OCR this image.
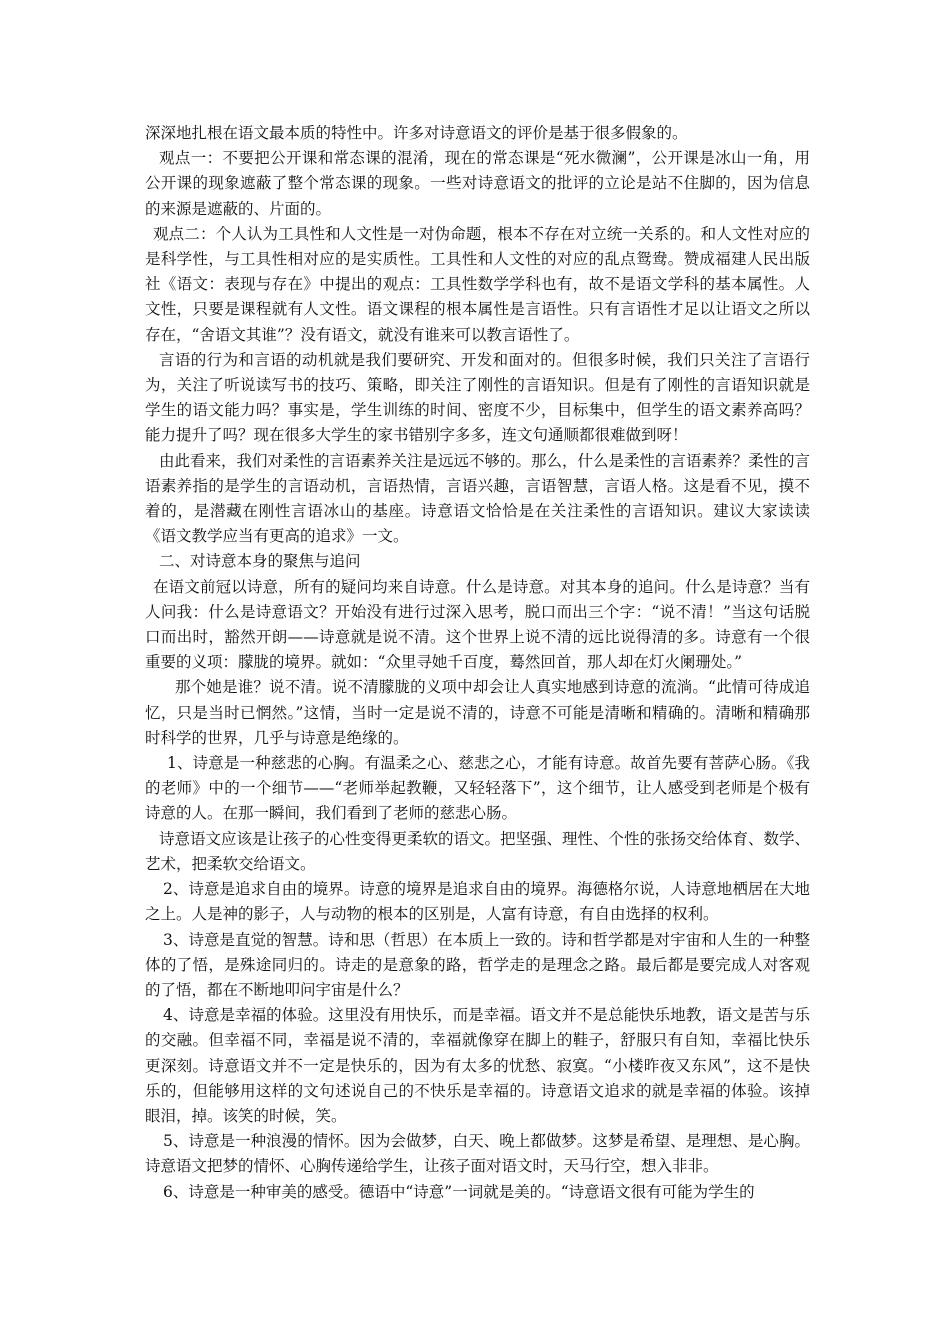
深深地扎根在语文最本质的特性中。许多对诗意语文的评价是基于很多假象的。

观点一：不要把公开课和常态课的混淆，现在的常态课是“死水微澜”，公开课是冰山一角，用公开课的现象遮蔽了整个常态课的现象。一些对诗意语文的批评的立论是站不住脚的，因为信息的来源是遮蔽的、片面的。

观点二：个人认为工具性和人文性是一对伪命题，根本不存在对立统一关系的。和人文性对应的是科学性，与工具性相对应的是实质性。工具性和人文性的对应的乱点鸳鸯。赞成福建人民出版社《语文：表现与存在》中提出的观点：工具性数学学科也有，故不是语文学科的基本属性。人文性，只要是课程就有人文性。语文课程的根本属性是言语性。只有言语性才足以让语文之所以存在，“舍语文其谁”？没有语文，就没有谁来可以教言语性了。

言语的行为和言语的动机就是我们要研究、开发和面对的。但很多时候，我们只关注了言语行为，关注了听说读写书的技巧、策略，即关注了刚性的言语知识。但是有了刚性的言语知识就是学生的语文能力吗？事实是，学生训练的时间、密度不少，目标集中，但学生的语文素养高吗？能力提升了吗？现在很多大学生的家书错别字多多，连文句通顺都很难做到呀！

由此看来，我们对柔性的言语素养关注是远远不够的。那么，什么是柔性的言语素养？柔性的言语素养指的是学生的言语动机，言语热情，言语兴趣，言语智慧，言语人格。这是看不见，摸不着的，是潜藏在刚性言语冰山的基座。诗意语文恰恰是在关注柔性的言语知识。建议大家读读《语文教学应当有更高的追求》一文。

二、对诗意本身的聚焦与追问

在语文前冠以诗意，所有的疑问均来自诗意。什么是诗意。对其本身的追问。什么是诗意？当有人问我：什么是诗意语文？开始没有进行过深入思考，脱口而出三个字：“说不清！”当这句话脱口而出时，豁然开朗——诗意就是说不清。这个世界上说不清的远比说得清的多。诗意有一个很重要的义项：朦胧的境界。就如：“众里寻她千百度，蓦然回首，那人却在灯火阑珊处。”

那个她是谁？说不清。说不清朦胧的义项中却会让人真实地感到诗意的流淌。“此情可待成追忆，只是当时已惘然。”这情，当时一定是说不清的，诗意不可能是清晰和精确的。清晰和精确那时科学的世界，几乎与诗意是绝缘的。

1、诗意是一种慈悲的心胸。有温柔之心、慈悲之心，才能有诗意。故首先要有菩萨心肠。《我的老师》中的一个细节——“老师举起教鞭，又轻轻落下”，这个细节，让人感受到老师是个极有诗意的人。在那一瞬间，我们看到了老师的慈悲心肠。

诗意语文应该是让孩子的心性变得更柔软的语文。把坚强、理性、个性的张扬交给体育、数学、艺术，把柔软交给语文。

2、诗意是追求自由的境界。诗意的境界是追求自由的境界。海德格尔说，人诗意地栖居在大地之上。人是神的影子，人与动物的根本的区别是，人富有诗意，有自由选择的权利。

3、诗意是直觉的智慧。诗和思（哲思）在本质上一致的。诗和哲学都是对宇宙和人生的一种整体的了悟，是殊途同归的。诗走的是意象的路，哲学走的是理念之路。最后都是要完成人对客观的了悟，都在不断地叩问宇宙是什么？

4、诗意是幸福的体验。这里没有用快乐，而是幸福。语文并不是总能快乐地教，语文是苦与乐的交融。但幸福不同，幸福是说不清的，幸福就像穿在脚上的鞋子，舒服只有自知，幸福比快乐更深刻。诗意语文并不一定是快乐的，因为有太多的忧愁、寂寞。“小楼昨夜又东风”，这不是快乐的，但能够用这样的文句述说自己的不快乐是幸福的。诗意语文追求的就是幸福的体验。该掉眼泪，掉。该笑的时候，笑。

5、诗意是一种浪漫的情怀。因为会做梦，白天、晚上都做梦。这梦是希望、是理想、是心胸。诗意语文把梦的情怀、心胸传递给学生，让孩子面对语文时，天马行空，想入非非。

6、诗意是一种审美的感受。德语中“诗意”一词就是美的。“诗意语文很有可能为学生的
